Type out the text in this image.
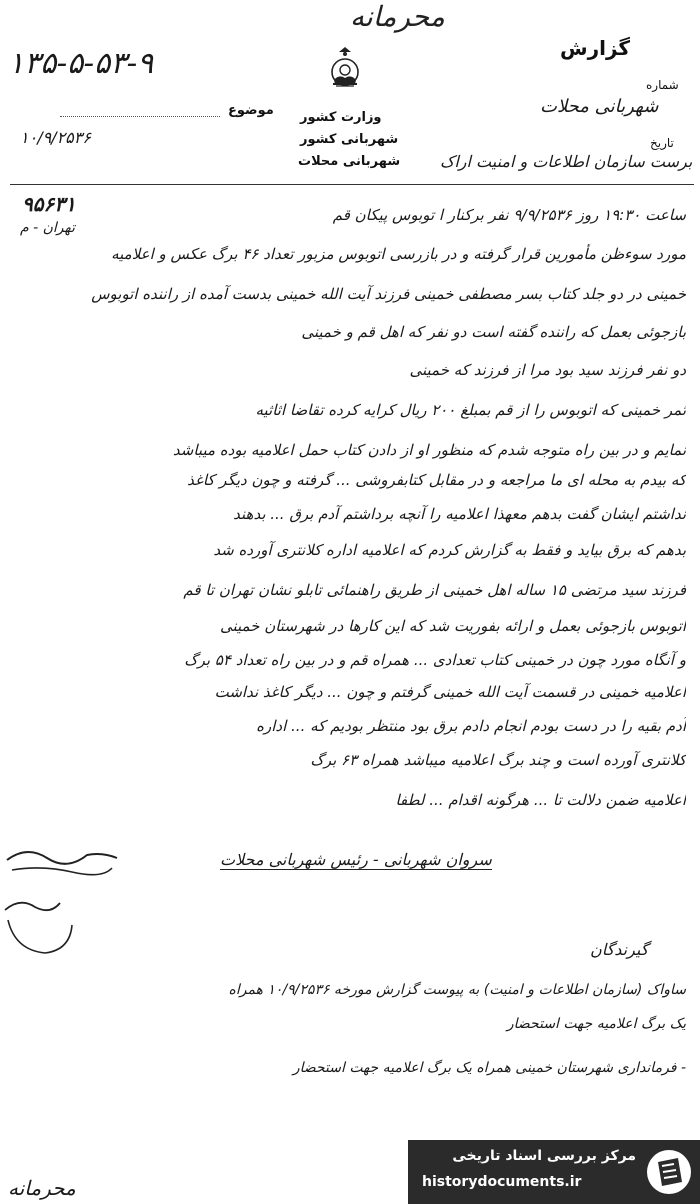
محرمانه
گزارش
۱۳۵-۵-۵۳-۹
وزارت کشور
شهربانی کشور
شهربانی محلات
موضوع
۱۰/۹/۲۵۳۶
شماره
شهربانی محلات
تاریخ
برست سازمان اطلاعات و امنیت اراک
۹۵۶۳۱
تهران - م
ساعت ۱۹:۳۰ روز ۹/۹/۲۵۳۶ نفر برکنار ا توبوس پیکان قم
مورد سوءظن مأمورین قرار گرفته و در بازرسی اتوبوس مزبور تعداد ۴۶ برگ عکس و اعلامیه
خمینی در دو جلد کتاب بسر مصطفی خمینی فرزند آیت الله خمینی بدست آمده از راننده اتوبوس
بازجوئی بعمل که راننده گفته است دو نفر که اهل قم و خمینی
دو نفر فرزند سید بود مرا از فرزند که خمینی
ثمر خمینی که اتوبوس را از قم بمبلغ ۲۰۰ ریال کرایه کرده تقاضا اثاثیه
نمایم و در بین راه متوجه شدم که منظور او از دادن کتاب حمل اعلامیه بوده میباشد
که بیدم به محله ای ما مراجعه و در مقابل کتابفروشی ... گرفته و چون دیگر کاغذ
نداشتم ایشان گفت بدهم معهذا اعلامیه را آنچه برداشتم آدم برق ... بدهند
بدهم که برق بیاید و فقط به گزارش کردم که اعلامیه اداره کلانتری آورده شد
فرزند سید مرتضی ۱۵ ساله اهل خمینی از طریق راهنمائی تابلو نشان تهران تا قم
اتوبوس بازجوئی بعمل و ارائه بفوریت شد که این کارها در شهرستان خمینی
و آنگاه مورد چون در خمینی کتاب تعدادی ... همراه قم و در بین راه تعداد ۵۴ برگ
اعلامیه خمینی در قسمت آیت الله خمینی گرفتم و چون ... دیگر کاغذ نداشت
آدم بقیه را در دست بودم انجام دادم برق بود منتظر بودیم که ... اداره
کلانتری آورده است و چند برگ اعلامیه میباشد همراه ۶۳ برگ
اعلامیه ضمن دلالت تا ... هرگونه اقدام ... لطفا
سروان شهربانی - رئیس شهربانی محلات
گیرندگان
ساواک (سازمان اطلاعات و امنیت) به پیوست گزارش مورخه ۱۰/۹/۲۵۳۶ همراه
یک برگ اعلامیه جهت استحضار
- فرمانداری شهرستان خمینی همراه یک برگ اعلامیه جهت استحضار
محرمانه
مرکز بررسی اسناد تاریخی
historydocuments.ir
